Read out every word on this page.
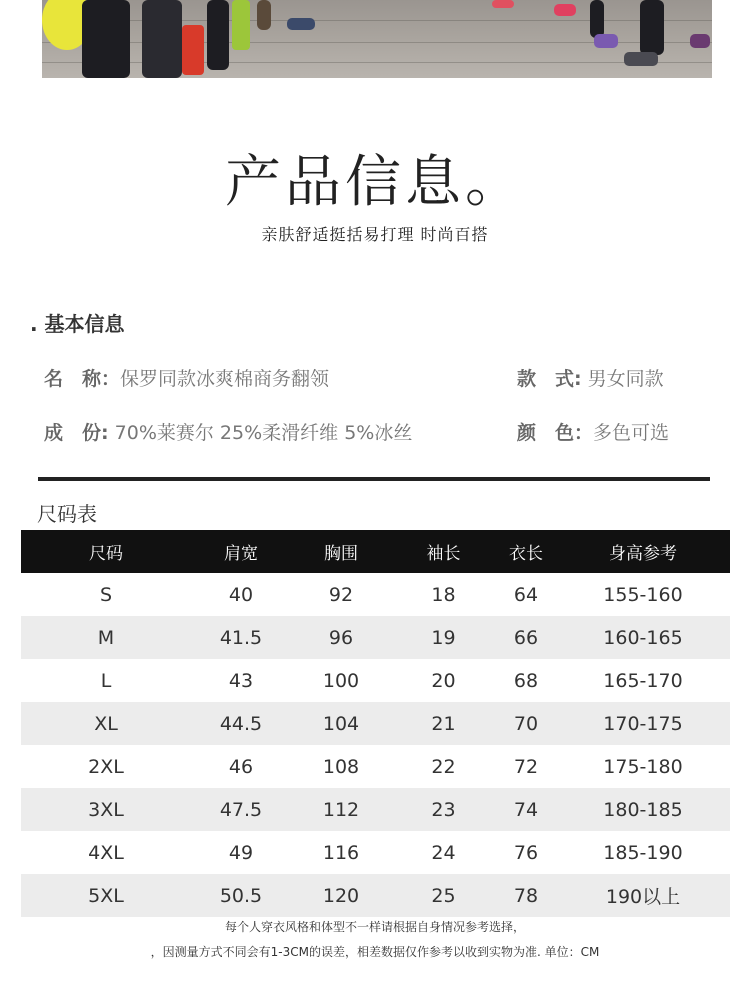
产品信息。
亲肤舒适挺括易打理 时尚百搭
. 基本信息
名　称：保罗同款冰爽棉商务翻领	款　式: 男女同款
成　份: 70%莱赛尔 25%柔滑纤维 5%冰丝	颜　色：多色可选
尺码表
尺码	肩宽	胸围	袖长	衣长	身高参考
S	40	92	18	64	155-160
M	41.5	96	19	66	160-165
L	43	100	20	68	165-170
XL	44.5	104	21	70	170-175
2XL	46	108	22	72	175-180
3XL	47.5	112	23	74	180-185
4XL	49	116	24	76	185-190
5XL	50.5	120	25	78	190以上
每个人穿衣风格和体型不一样请根据自身情况参考选择，
，因测量方式不同会有1-3CM的误差，相差数据仅作参考以收到实物为准. 单位：CM
